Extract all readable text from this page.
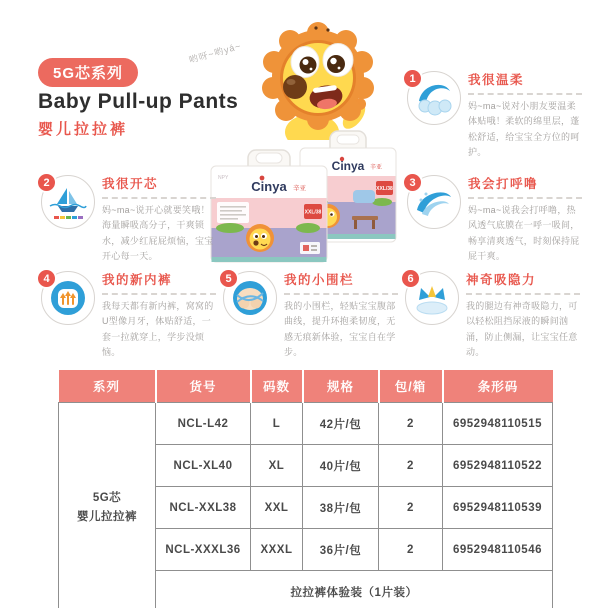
5G芯系列
Baby Pull-up Pants
婴儿拉拉裤
哟呀~哟yá~
Cinya 辛亚
XXL/38
NPY
Cinya 辛亚
XXL/38
1	我很温柔
妈~ma~说对小朋友要温柔体贴哦！柔软的绵里层，蓬松舒适，给宝宝全方位的呵护。
2	我很开芯
妈~ma~说开心就要笑哦！海量瞬吸高分子，干爽锁水，减少红屁屁烦恼，宝宝开心每一天。
3	我会打呼噜
妈~ma~说我会打呼噜，热风透气底膜在一呼一吸间，畅享清爽透气，时刻保持屁屁干爽。
4	我的新内裤
我每天都有新内裤，窝窝的U型像月牙，体贴舒适，一套一拉就穿上，学步没烦恼。
5	我的小围栏
我的小围栏，轻贴宝宝腹部曲线，提升环抱柔韧度，无感无痕新体验，宝宝自在学步。
6	神奇吸隐力
我的腿边有神奇吸隐力，可以轻松阻挡尿液的瞬间汹涌，防止侧漏，让宝宝任意动。
系列	货号	码数	规格	包/箱	条形码

5G芯
婴儿拉拉裤	NCL-L42	L	42片/包	2	6952948110515
	NCL-XL40	XL	40片/包	2	6952948110522
	NCL-XXL38	XXL	38片/包	2	6952948110539
	NCL-XXXL36	XXXL	36片/包	2	6952948110546
	拉拉裤体验装（1片装）				
